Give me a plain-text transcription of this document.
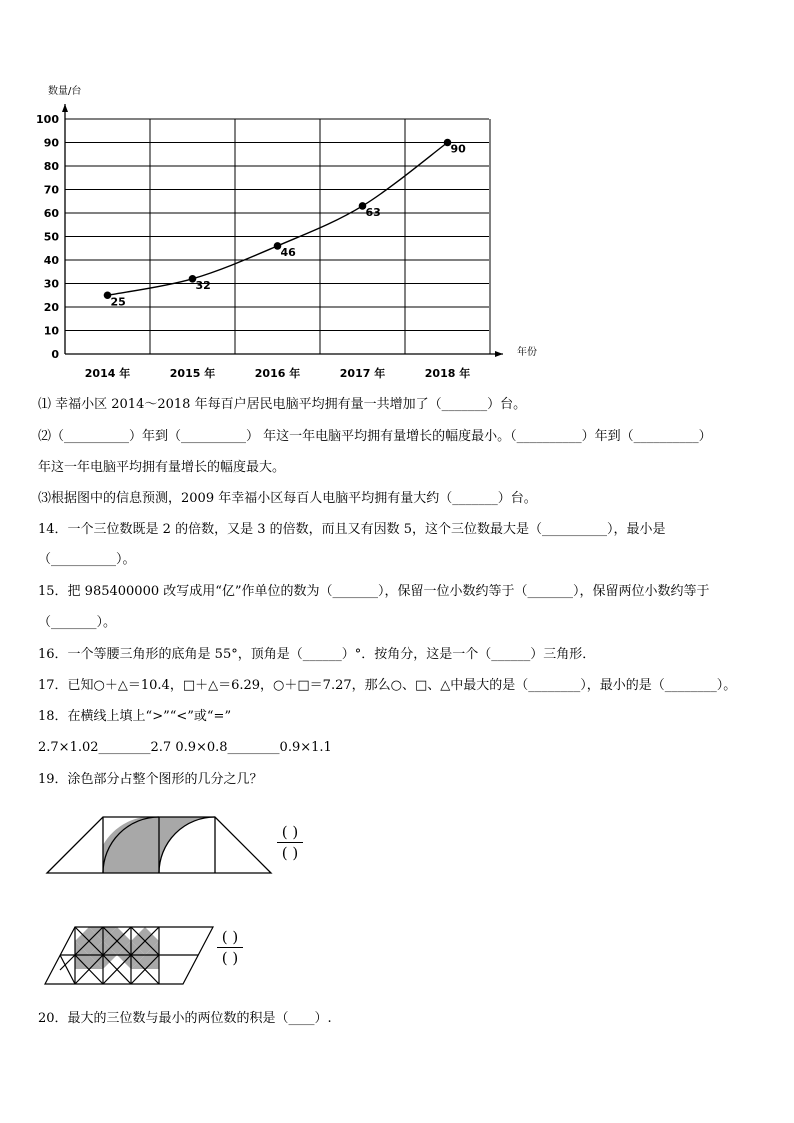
0
10
20
30
40
50
60
70
80
90
100
2014 年	2015 年	2016 年	2017 年	2018 年
25
32
46
63
90
数量/台
年份
⑴ 幸福小区 2014～2018 年每百户居民电脑平均拥有量一共增加了（_______）台。
⑵（__________）年到（__________） 年这一年电脑平均拥有量增长的幅度最小。（__________）年到（__________）
年这一年电脑平均拥有量增长的幅度最大。
⑶根据图中的信息预测，2009 年幸福小区每百人电脑平均拥有量大约（_______）台。
14．一个三位数既是 2 的倍数，又是 3 的倍数，而且又有因数 5，这个三位数最大是（__________），最小是
（__________）。
15．把 985400000 改写成用“亿”作单位的数为（_______），保留一位小数约等于（_______），保留两位小数约等于
（_______）。
16．一个等腰三角形的底角是 55°，顶角是（______）°．按角分，这是一个（______）三角形．
17．已知○＋△＝10.4，□＋△＝6.29，○＋□＝7.27，那么○、□、△中最大的是（________），最小的是（________）。
18．在横线上填上“>”“<”或“=”
2.7×1.02________2.7 0.9×0.8________0.9×1.1
19．涂色部分占整个图形的几分之几？
( )
( )
( )
( )
20．最大的三位数与最小的两位数的积是（____）.
